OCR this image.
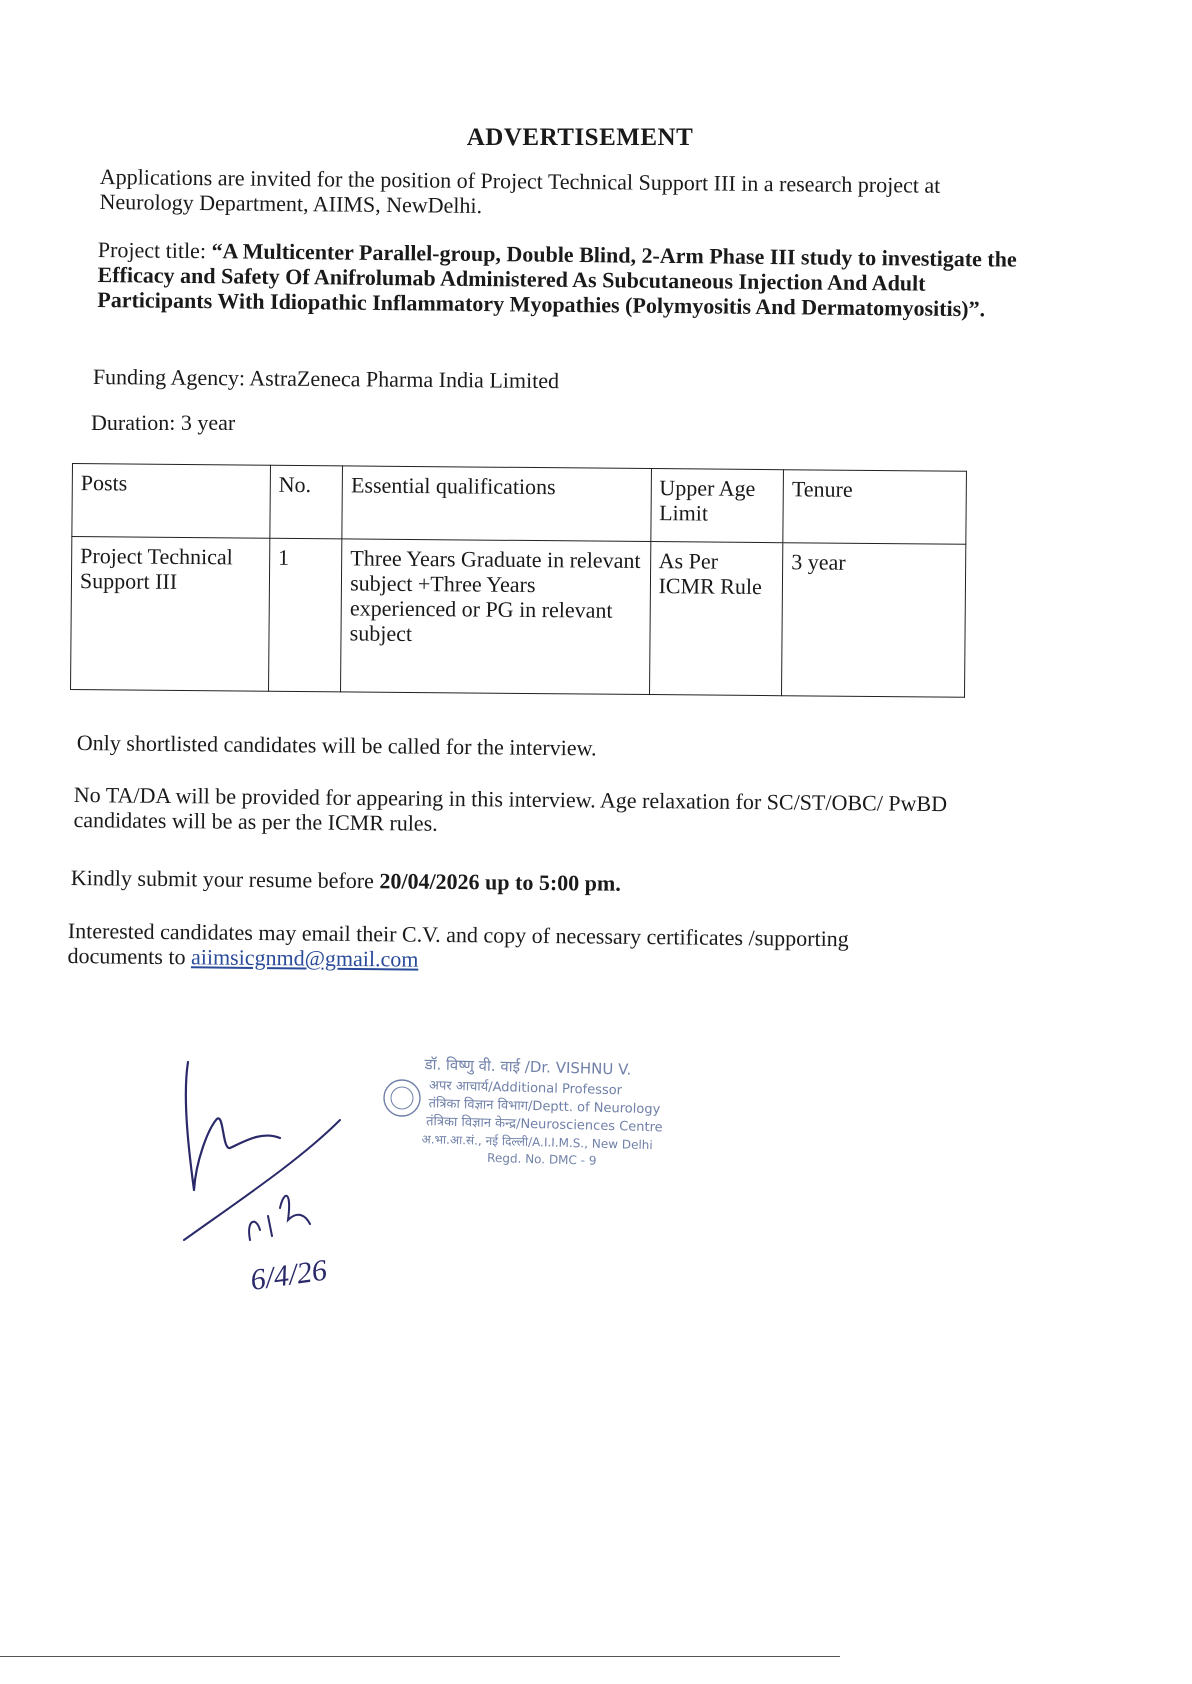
ADVERTISEMENT
Applications are invited for the position of Project Technical Support III in a research project at Neurology Department, AIIMS, NewDelhi.
Project title: “A Multicenter Parallel-group, Double Blind, 2-Arm Phase III study to investigate the Efficacy and Safety Of Anifrolumab Administered As Subcutaneous Injection And Adult Participants With Idiopathic Inflammatory Myopathies (Polymyositis And Dermatomyositis)”.
Funding Agency: AstraZeneca Pharma India Limited
Duration: 3 year
Posts	No.	Essential qualifications	Upper Age Limit	Tenure
Project Technical Support III	1	Three Years Graduate in relevant subject +Three Years experienced or PG in relevant subject	As Per ICMR Rule	3 year
Only shortlisted candidates will be called for the interview.
No TA/DA will be provided for appearing in this interview. Age relaxation for SC/ST/OBC/ PwBD candidates will be as per the ICMR rules.
Kindly submit your resume before 20/04/2026 up to 5:00 pm.
Interested candidates may email their C.V. and copy of necessary certificates /supporting documents to aiimsicgnmd@gmail.com
6/4/26
डॉ. विष्णु वी. वाई /Dr. VISHNU V.
अपर आचार्य/Additional Professor
तंत्रिका विज्ञान विभाग/Deptt. of Neurology
तंत्रिका विज्ञान केन्द्र/Neurosciences Centre
अ.भा.आ.सं., नई दिल्ली/A.I.I.M.S., New Delhi
Regd. No. DMC - 9
